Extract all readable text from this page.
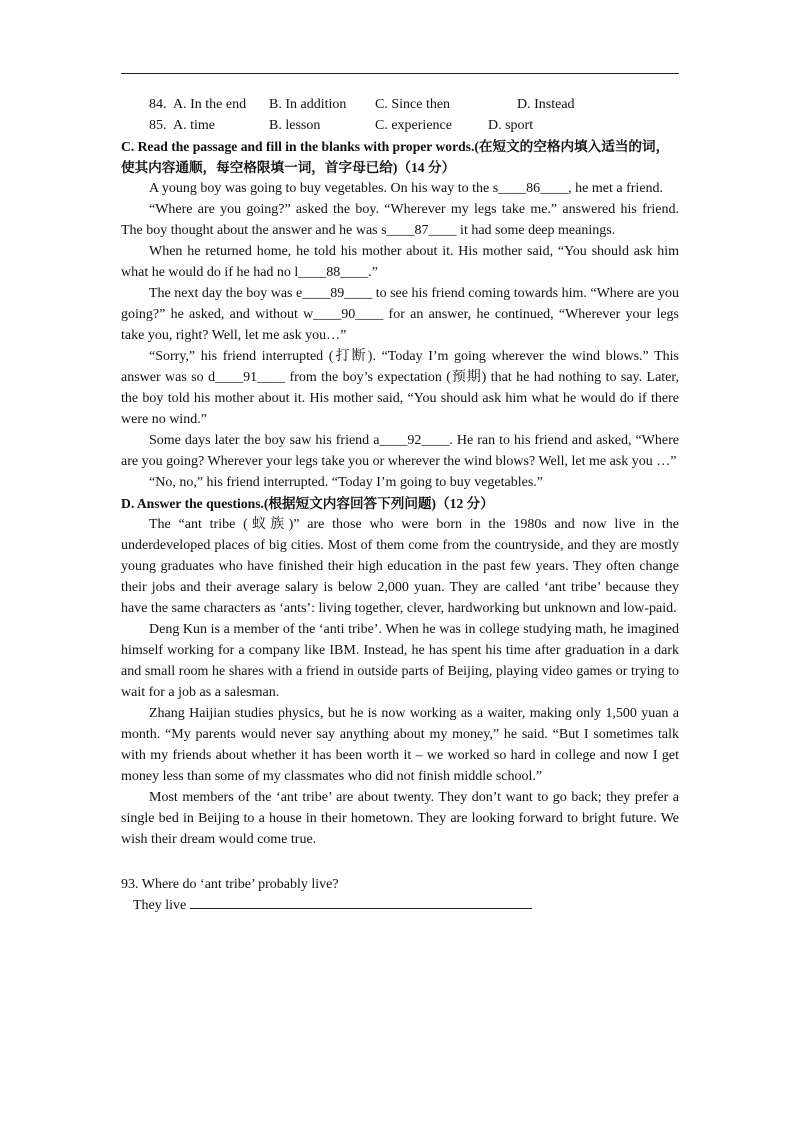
84. A. In the end B. In addition C. Since then	D. Instead
85. A. time	B. lesson	C. experience	D. sport
C. Read the passage and fill in the blanks with proper words.(在短文的空格内填入适当的词，
使其内容通顺，每空格限填一词，首字母已给)（14 分）

A young boy was going to buy vegetables. On his way to the s____86____, he met a friend.

“Where are you going?” asked the boy. “Wherever my legs take me.” answered his friend. The boy thought about the answer and he was s____87____ it had some deep meanings.

When he returned home, he told his mother about it. His mother said, “You should ask him what he would do if he had no l____88____.”

The next day the boy was e____89____ to see his friend coming towards him. “Where are you going?” he asked, and without w____90____ for an answer, he continued, “Wherever your legs take you, right? Well, let me ask you…”

“Sorry,” his friend interrupted (打断). “Today I’m going wherever the wind blows.” This answer was so d____91____ from the boy’s expectation (预期) that he had nothing to say. Later, the boy told his mother about it. His mother said, “You should ask him what he would do if there were no wind.”

Some days later the boy saw his friend a____92____. He ran to his friend and asked, “Where are you going? Wherever your legs take you or wherever the wind blows? Well, let me ask you …”

“No, no,” his friend interrupted. “Today I’m going to buy vegetables.”

D. Answer the questions.(根据短文内容回答下列问题)（12 分）

The “ant tribe (蚁族)” are those who were born in the 1980s and now live in the underdeveloped places of big cities. Most of them come from the countryside, and they are mostly young graduates who have finished their high education in the past few years. They often change their jobs and their average salary is below 2,000 yuan. They are called ‘ant tribe’ because they have the same characters as ‘ants’: living together, clever, hardworking but unknown and low-paid.

Deng Kun is a member of the ‘anti tribe’. When he was in college studying math, he imagined himself working for a company like IBM. Instead, he has spent his time after graduation in a dark and small room he shares with a friend in outside parts of Beijing, playing video games or trying to wait for a job as a salesman.

Zhang Haijian studies physics, but he is now working as a waiter, making only 1,500 yuan a month. “My parents would never say anything about my money,” he said. “But I sometimes talk with my friends about whether it has been worth it – we worked so hard in college and now I get money less than some of my classmates who did not finish middle school.”

Most members of the ‘ant tribe’ are about twenty. They don’t want to go back; they prefer a single bed in Beijing to a house in their hometown. They are looking forward to bright future. We wish their dream would come true.

93. Where do ‘ant tribe’ probably live?
They live
